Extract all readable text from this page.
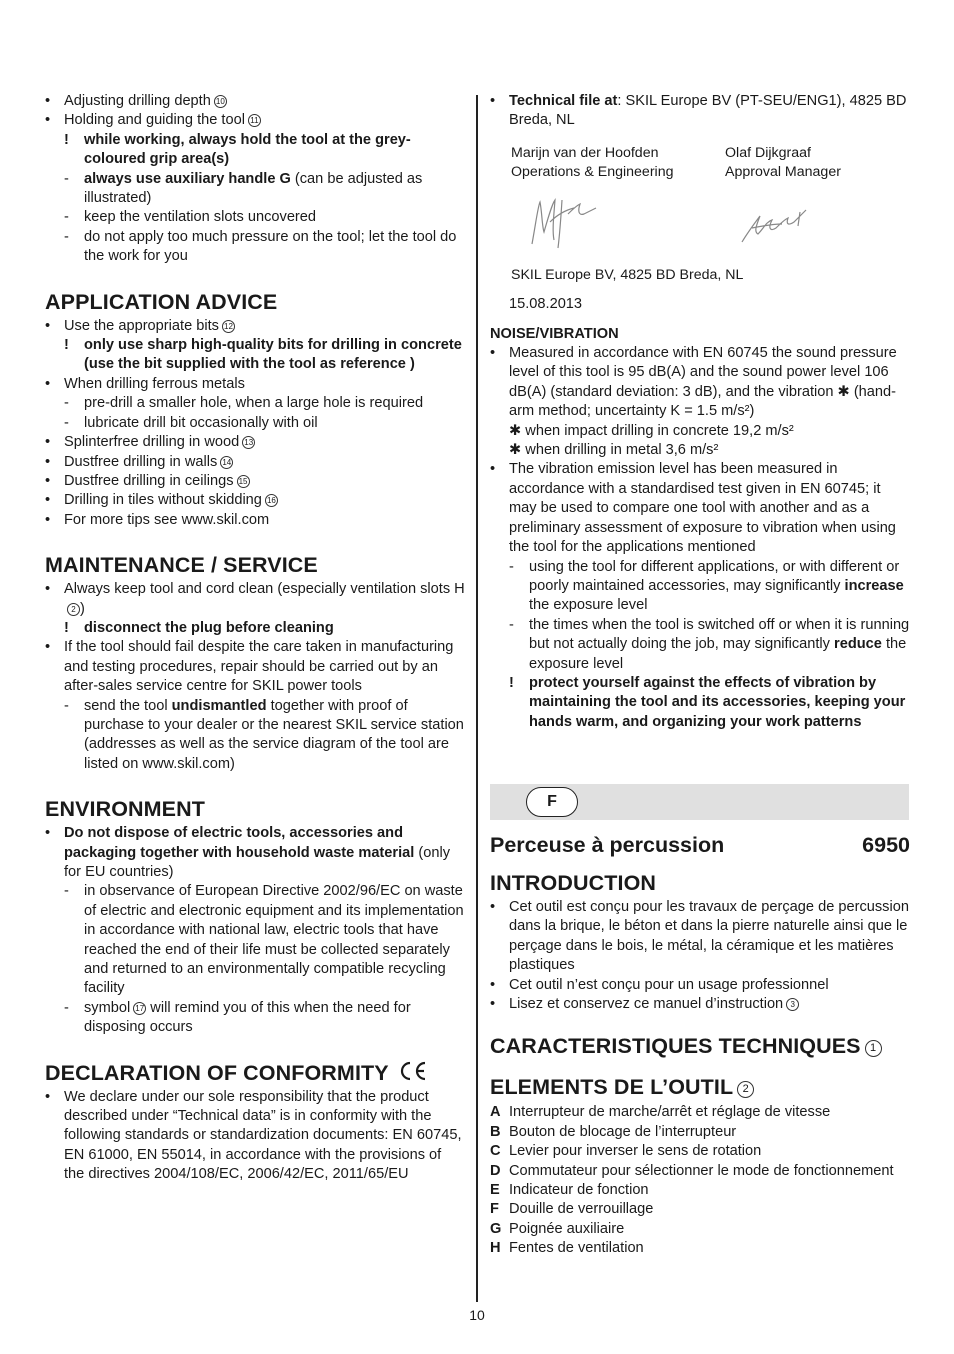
• Adjusting drilling depth 10
• Holding and guiding the tool 11
! while working, always hold the tool at the grey-coloured grip area(s)
- always use auxiliary handle G (can be adjusted as illustrated)
- keep the ventilation slots uncovered
- do not apply too much pressure on the tool; let the tool do the work for you
APPLICATION ADVICE
• Use the appropriate bits 12
! only use sharp high-quality bits for drilling in concrete (use the bit supplied with the tool as reference )
• When drilling ferrous metals
- pre-drill a smaller hole, when a large hole is required
- lubricate drill bit occasionally with oil
• Splinterfree drilling in wood 13
• Dustfree drilling in walls 14
• Dustfree drilling in ceilings 15
• Drilling in tiles without skidding 16
• For more tips see www.skil.com
MAINTENANCE / SERVICE
• Always keep tool and cord clean (especially ventilation slots H2 )
! disconnect the plug before cleaning
• If the tool should fail despite the care taken in manufacturing and testing procedures, repair should be carried out by an after-sales service centre for SKIL power tools
- send the tool undismantled together with proof of purchase to your dealer or the nearest SKIL service station (addresses as well as the service diagram of the tool are listed on www.skil.com)
ENVIRONMENT
• Do not dispose of electric tools, accessories and packaging together with household waste material (only for EU countries)
- in observance of European Directive 2002/96/EC on waste of electric and electronic equipment and its implementation in accordance with national law, electric tools that have reached the end of their life must be collected separately and returned to an environmentally compatible recycling facility
- symbol 17 will remind you of this when the need for disposing occurs
DECLARATION OF CONFORMITY
• We declare under our sole responsibility that the product described under “Technical data” is in conformity with the following standards or standardization documents: EN 60745, EN 61000, EN 55014, in accordance with the provisions of the directives 2004/108/EC, 2006/42/EC, 2011/65/EU
• Technical file at: SKIL Europe BV (PT-SEU/ENG1), 4825 BD Breda, NL
Marijn van der Hoofden
Operations & Engineering
Olaf Dijkgraaf
Approval Manager
SKIL Europe BV, 4825 BD Breda, NL
15.08.2013
NOISE/VIBRATION
• Measured in accordance with EN 60745 the sound pressure level of this tool is 95 dB(A) and the sound power level 106 dB(A) (standard deviation: 3 dB), and the vibration ✱ (hand-arm method; uncertainty K = 1.5 m/s²)
✱ when impact drilling in concrete 19,2 m/s²
✱ when drilling in metal 3,6 m/s²
• The vibration emission level has been measured in accordance with a standardised test given in EN 60745; it may be used to compare one tool with another and as a preliminary assessment of exposure to vibration when using the tool for the applications mentioned
- using the tool for different applications, or with different or poorly maintained accessories, may significantly increase the exposure level
- the times when the tool is switched off or when it is running but not actually doing the job, may significantly reduce the exposure level
! protect yourself against the effects of vibration by maintaining the tool and its accessories, keeping your hands warm, and organizing your work patterns
F
Perceuse à percussion	6950
INTRODUCTION
• Cet outil est conçu pour les travaux de perçage de percussion dans la brique, le béton et dans la pierre naturelle ainsi que le perçage dans le bois, le métal, la céramique et les matières plastiques
• Cet outil n’est conçu pour un usage professionnel
• Lisez et conservez ce manuel d’instruction 3
CARACTERISTIQUES TECHNIQUES 1
ELEMENTS DE L’OUTIL 2
A Interrupteur de marche/arrêt et réglage de vitesse
B Bouton de blocage de l’interrupteur
C Levier pour inverser le sens de rotation
D Commutateur pour sélectionner le mode de fonctionnement
E Indicateur de fonction
F Douille de verrouillage
G Poignée auxiliaire
H Fentes de ventilation
10
